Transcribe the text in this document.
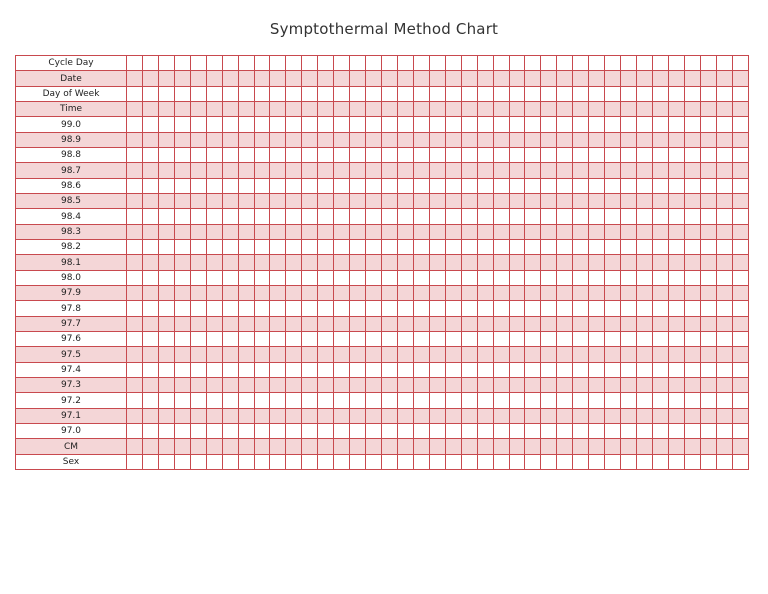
Symptothermal Method Chart
Cycle Day																																							
Date																																							
Day of Week																																							
Time																																							
99.0																																							
98.9																																							
98.8																																							
98.7																																							
98.6																																							
98.5																																							
98.4																																							
98.3																																							
98.2																																							
98.1																																							
98.0																																							
97.9																																							
97.8																																							
97.7																																							
97.6																																							
97.5																																							
97.4																																							
97.3																																							
97.2																																							
97.1																																							
97.0																																							
CM																																							
Sex																																							
